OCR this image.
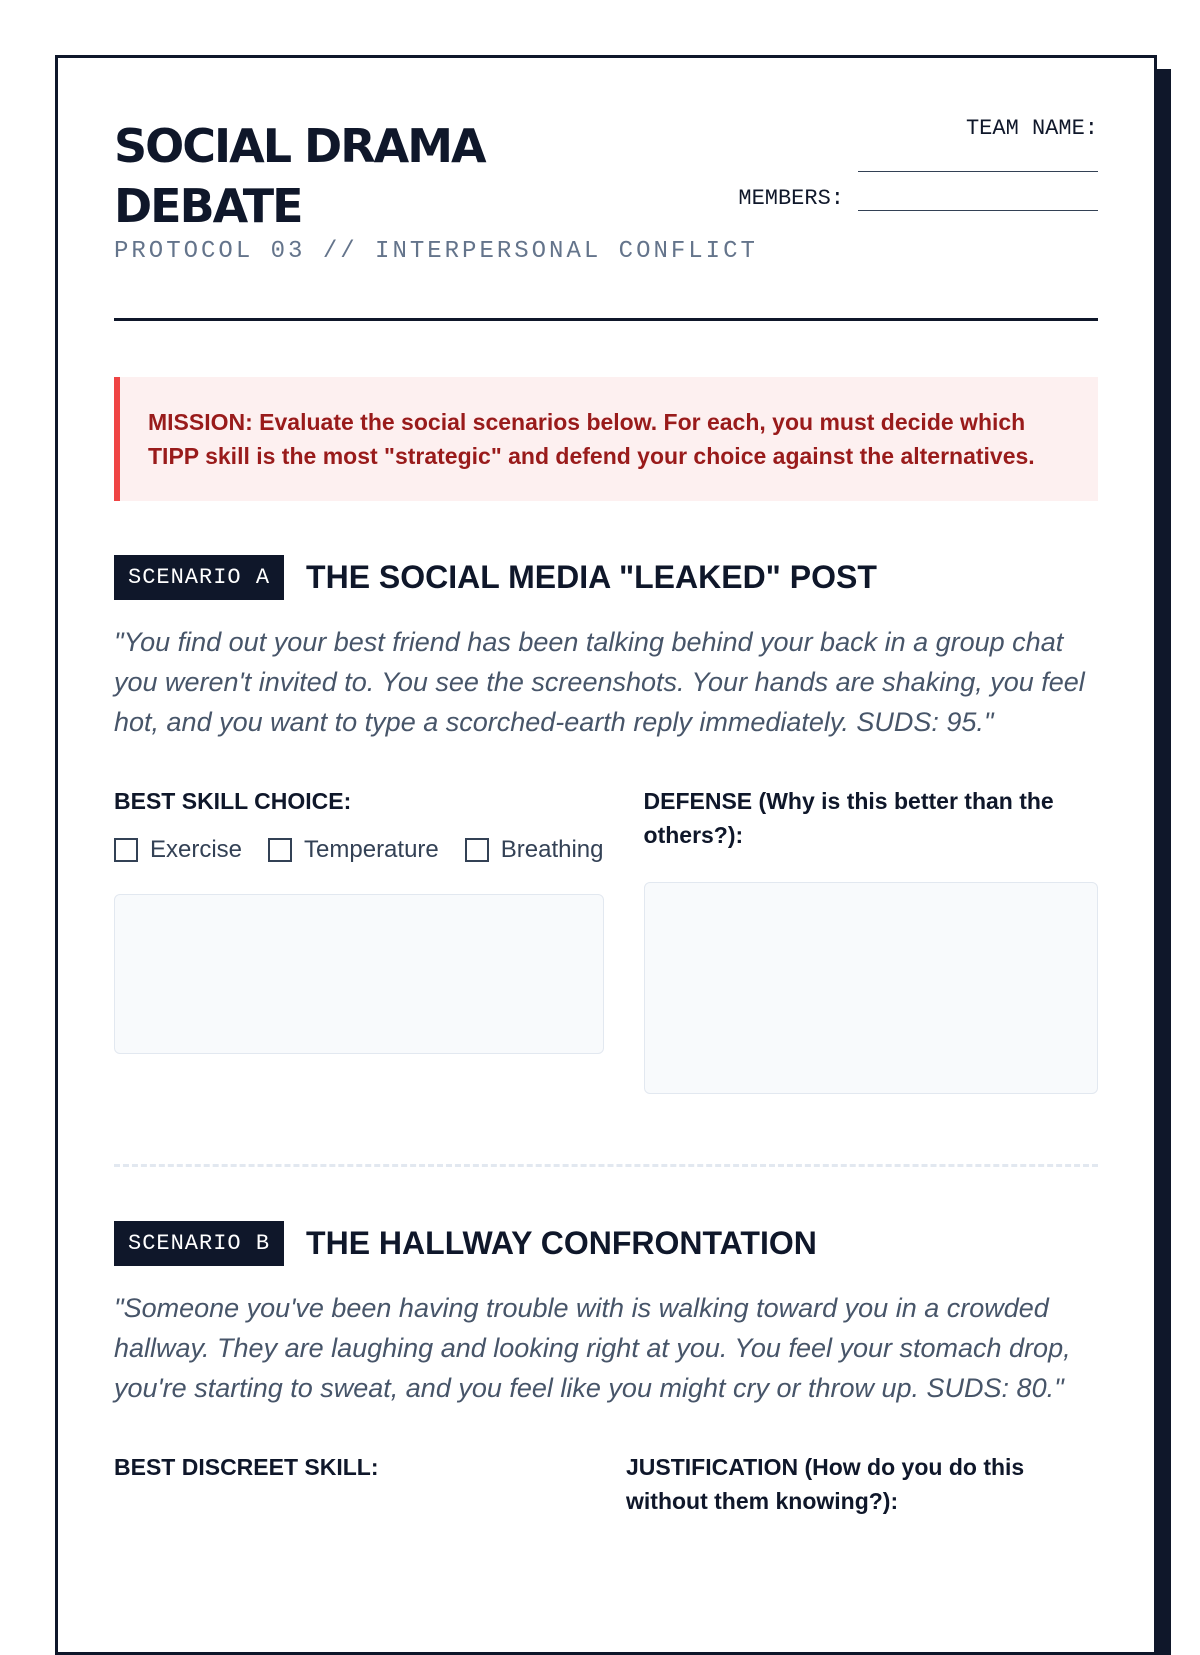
SOCIAL DRAMA
DEBATE
PROTOCOL 03 // INTERPERSONAL CONFLICT
TEAM NAME:
MEMBERS:
MISSION: Evaluate the social scenarios below. For each, you must decide which TIPP skill is the most "strategic" and defend your choice against the alternatives.
SCENARIO A	THE SOCIAL MEDIA "LEAKED" POST
"You find out your best friend has been talking behind your back in a group chat you weren't invited to. You see the screenshots. Your hands are shaking, you feel hot, and you want to type a scorched-earth reply immediately. SUDS: 95."
BEST SKILL CHOICE:
Exercise	Temperature	Breathing
DEFENSE (Why is this better than the others?):
SCENARIO B	THE HALLWAY CONFRONTATION
"Someone you've been having trouble with is walking toward you in a crowded hallway. They are laughing and looking right at you. You feel your stomach drop, you're starting to sweat, and you feel like you might cry or throw up. SUDS: 80."
BEST DISCREET SKILL:	JUSTIFICATION (How do you do this without them knowing?):
